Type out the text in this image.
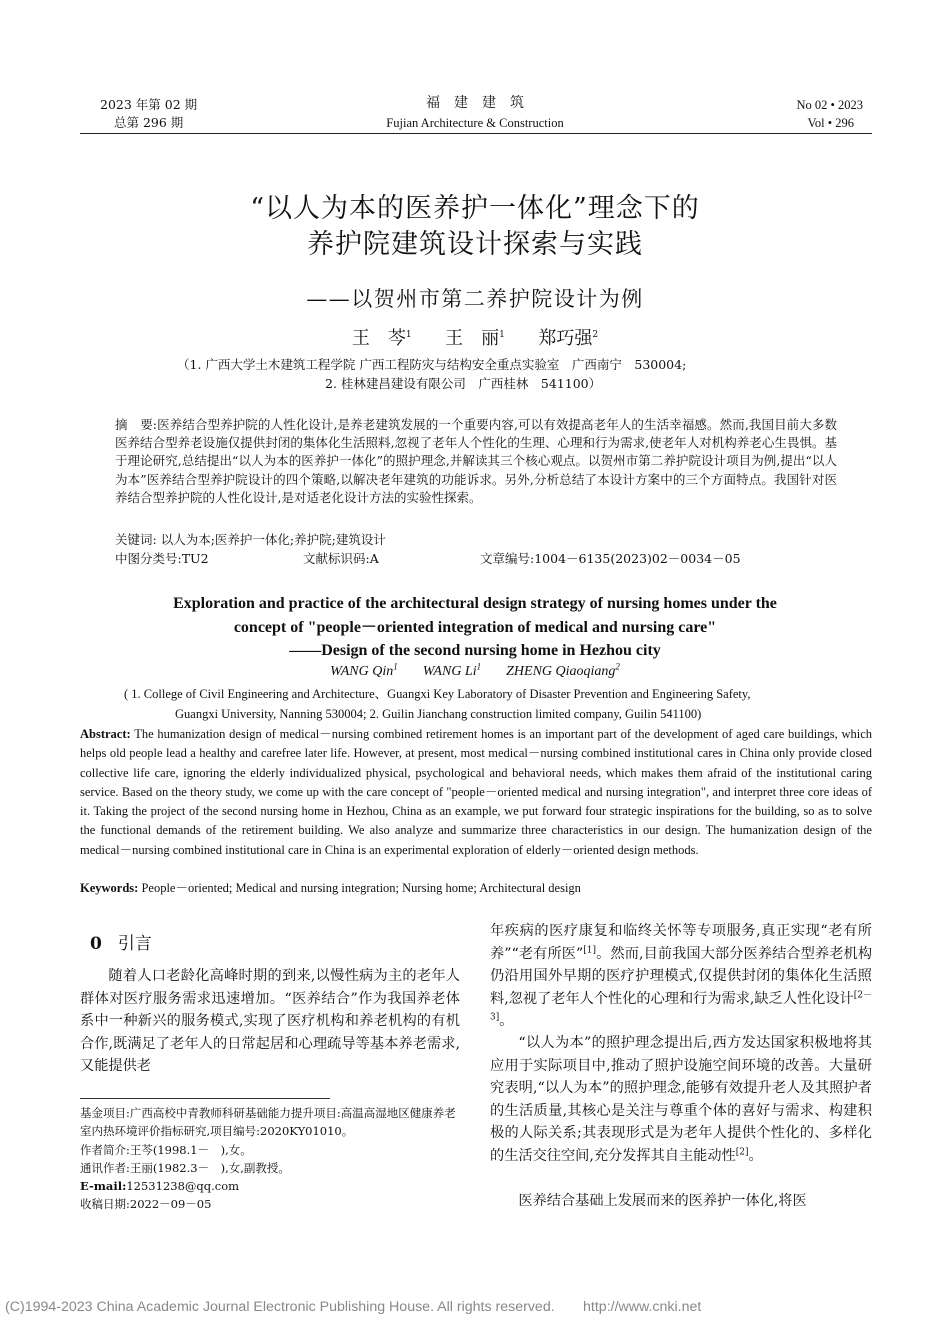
2023 年第 02 期
总第 296 期
福　建　建　筑
Fujian Architecture & Construction
No 02 • 2023
Vol • 296
“以人为本的医养护一体化”理念下的
养护院建筑设计探索与实践
——以贺州市第二养护院设计为例
王　芩$^1$ 王　丽$^1$ 郑巧强$^2$
（1. 广西大学土木建筑工程学院 广西工程防灾与结构安全重点实验室　广西南宁　530004;
2. 桂林建昌建设有限公司　广西桂林　541100）
摘　要:医养结合型养护院的人性化设计,是养老建筑发展的一个重要内容,可以有效提高老年人的生活幸福感。然而,我国目前大多数医养结合型养老设施仅提供封闭的集体化生活照料,忽视了老年人个性化的生理、心理和行为需求,使老年人对机构养老心生畏惧。基于理论研究,总结提出“以人为本的医养护一体化”的照护理念,并解读其三个核心观点。以贺州市第二养护院设计项目为例,提出“以人为本”医养结合型养护院设计的四个策略,以解决老年建筑的功能诉求。另外,分析总结了本设计方案中的三个方面特点。我国针对医养结合型养护院的人性化设计,是对适老化设计方法的实验性探索。
关键词: 以人为本;医养护一体化;养护院;建筑设计
中图分类号:TU2	文献标识码:A	文章编号:1004－6135(2023)02－0034－05
Exploration and practice of the architectural design strategy of nursing homes under the
concept of "people－oriented integration of medical and nursing care"
——Design of the second nursing home in Hezhou city
WANG Qin$^1$ WANG Li$^1$ ZHENG Qiaoqiang$^2$
( 1. College of Civil Engineering and Architecture、Guangxi Key Laboratory of Disaster Prevention and Engineering Safety,
Guangxi University, Nanning 530004; 2. Guilin Jianchang construction limited company, Guilin 541100)
Abstract: The humanization design of medical－nursing combined retirement homes is an important part of the development of aged care buildings, which helps old people lead a healthy and carefree later life. However, at present, most medical－nursing combined institutional cares in China only provide closed collective life care, ignoring the elderly individualized physical, psychological and behavioral needs, which makes them afraid of the institutional caring service. Based on the theory study, we come up with the care concept of "people－oriented medical and nursing integration", and interpret three core ideas of it. Taking the project of the second nursing home in Hezhou, China as an example, we put forward four strategic inspirations for the building, so as to solve the functional demands of the retirement building. We also analyze and summarize three characteristics in our design. The humanization design of the medical－nursing combined institutional care in China is an experimental exploration of elderly－oriented design methods.
Keywords: People－oriented; Medical and nursing integration; Nursing home; Architectural design
0 引言
随着人口老龄化高峰时期的到来,以慢性病为主的老年人群体对医疗服务需求迅速增加。“医养结合”作为我国养老体系中一种新兴的服务模式,实现了医疗机构和养老机构的有机合作,既满足了老年人的日常起居和心理疏导等基本养老需求,又能提供老
基金项目:广西高校中青教师科研基础能力提升项目:高温高湿地区健康养老室内热环境评价指标研究,项目编号:2020KY01010。
作者简介:王芩(1998.1－　),女。
通讯作者:王丽(1982.3－　),女,副教授。
E-mail:12531238@qq.com
收稿日期:2022－09－05
年疾病的医疗康复和临终关怀等专项服务,真正实现“老有所养”“老有所医”[1]。然而,目前我国大部分医养结合型养老机构仍沿用国外早期的医疗护理模式,仅提供封闭的集体化生活照料,忽视了老年人个性化的心理和行为需求,缺乏人性化设计[2－3]。
“以人为本”的照护理念提出后,西方发达国家积极地将其应用于实际项目中,推动了照护设施空间环境的改善。大量研究表明,“以人为本”的照护理念,能够有效提升老人及其照护者的生活质量,其核心是关注与尊重个体的喜好与需求、构建积极的人际关系;其表现形式是为老年人提供个性化的、多样化的生活交往空间,充分发挥其自主能动性[2]。
医养结合基础上发展而来的医养护一体化,将医
(C)1994-2023 China Academic Journal Electronic Publishing House. All rights reserved.　　http://www.cnki.net
